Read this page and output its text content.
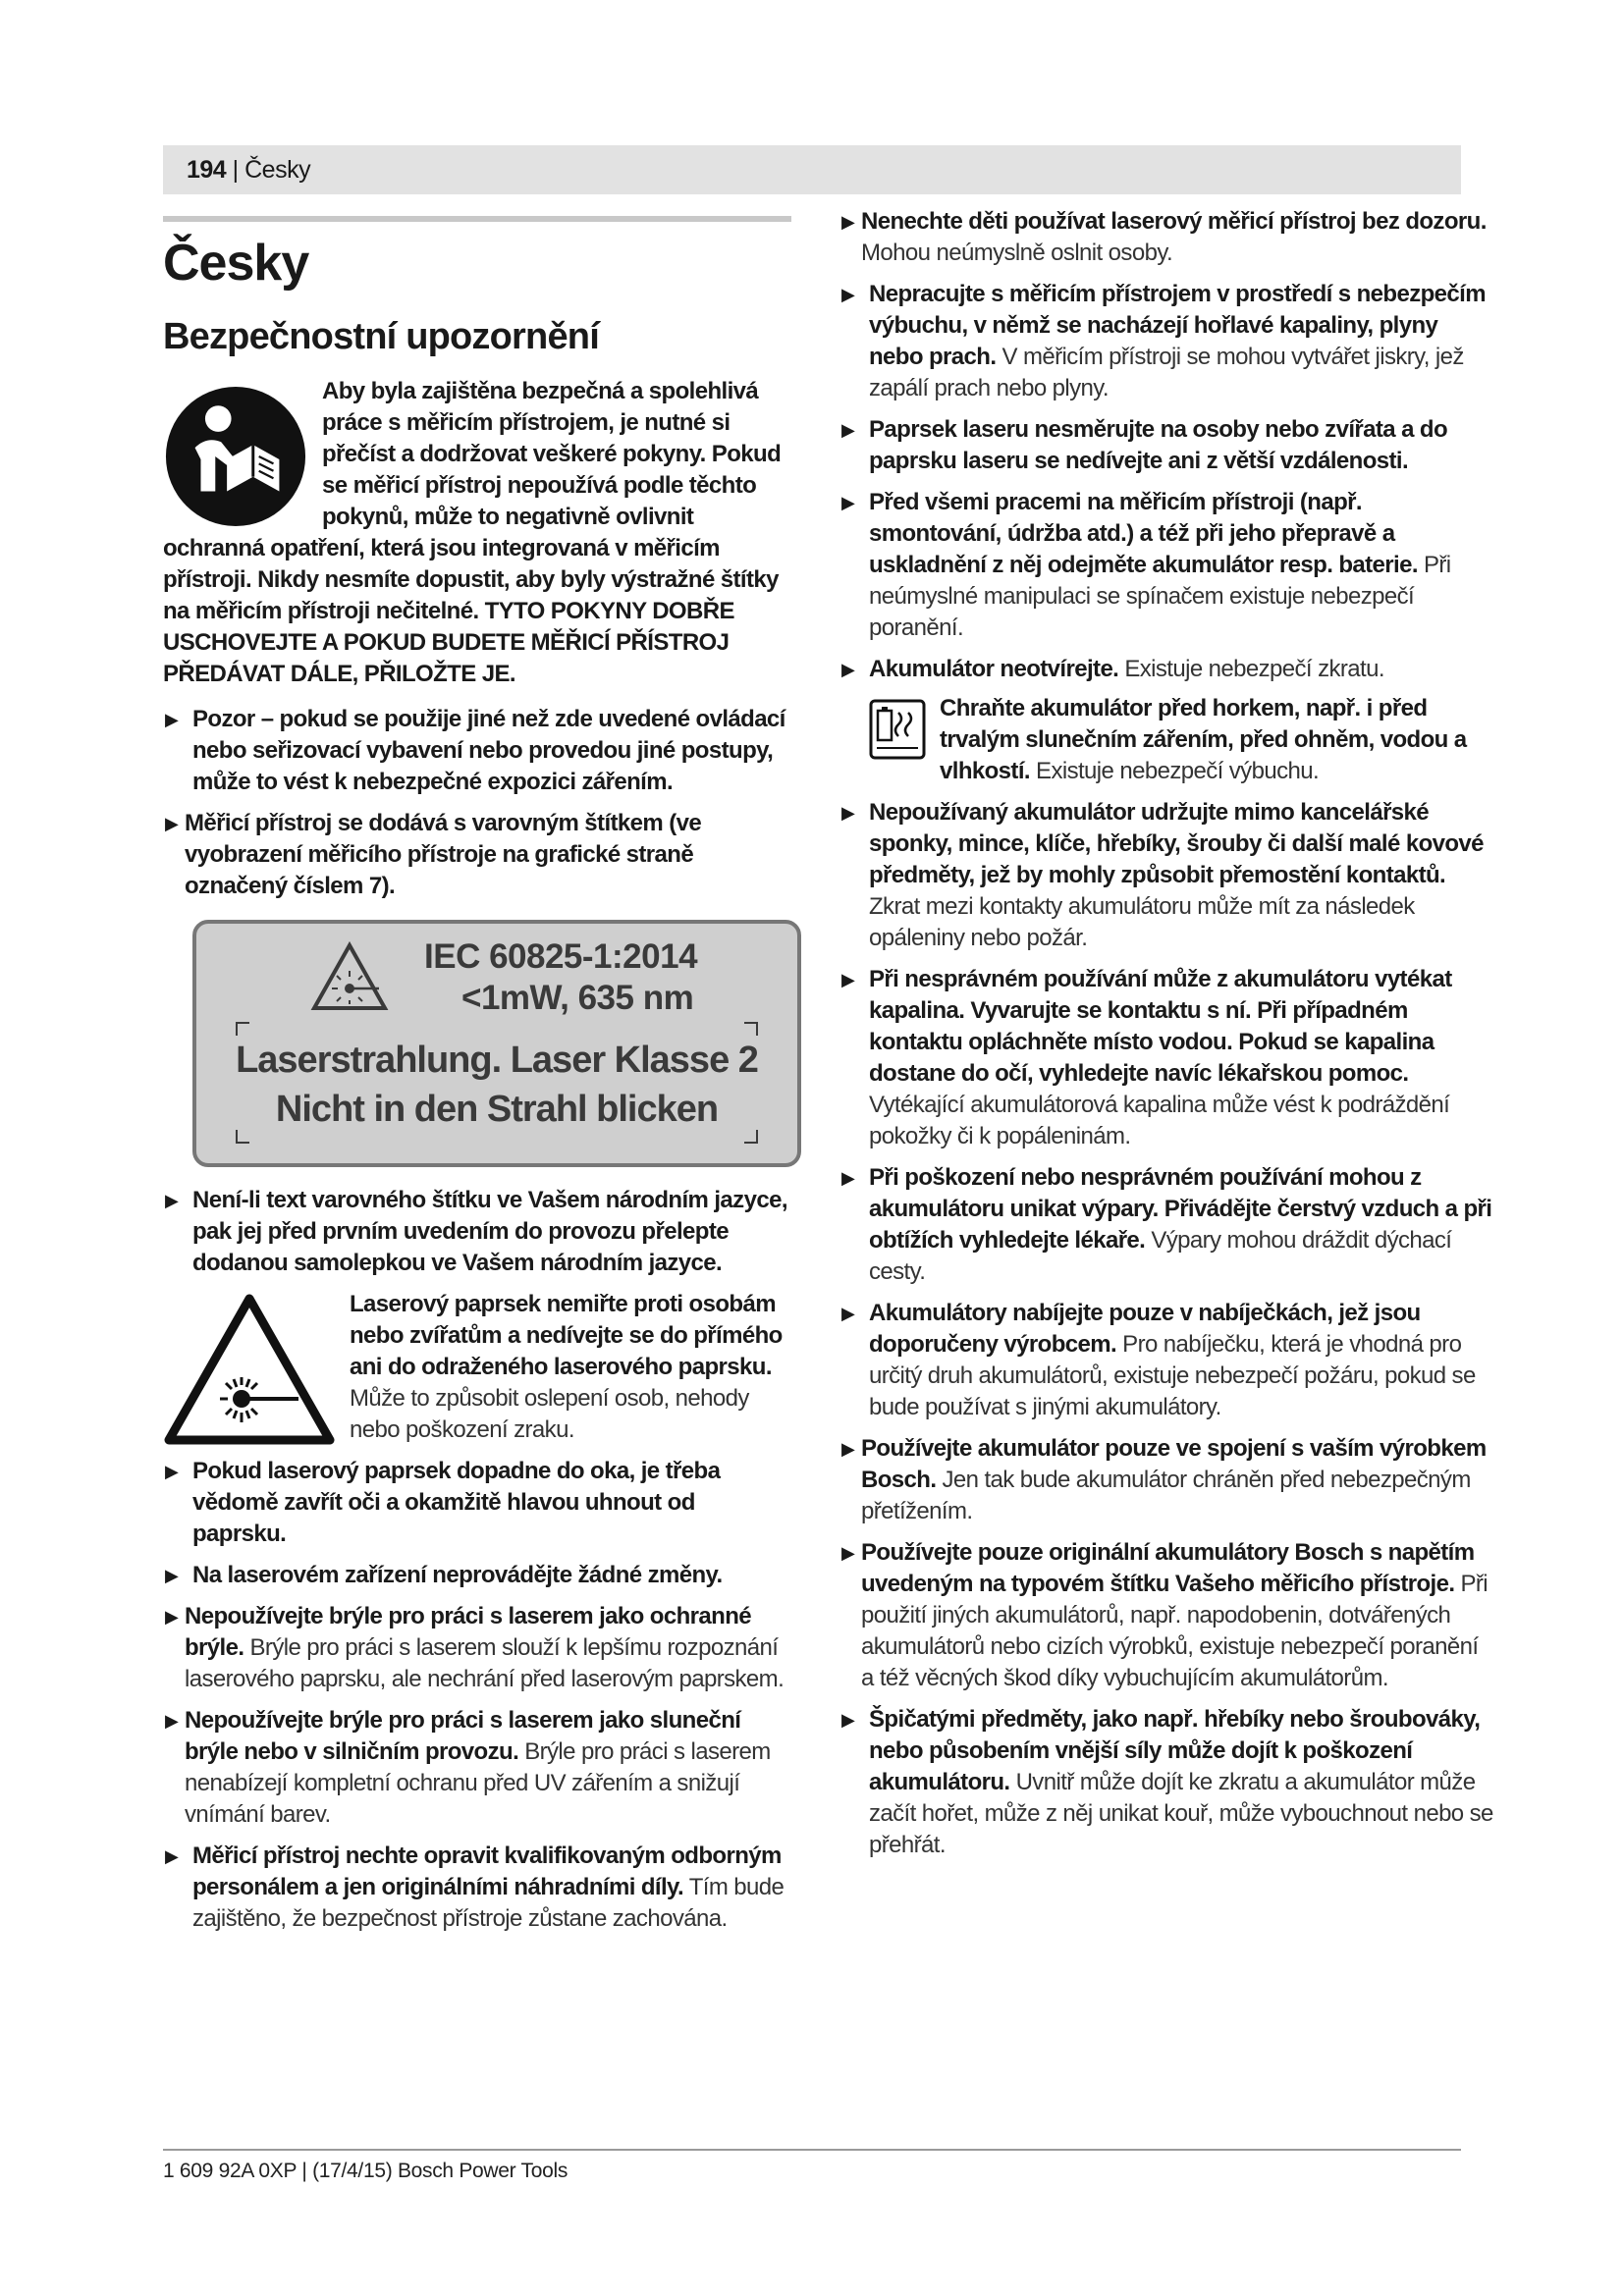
194 | Česky
Česky
Bezpečnostní upozornění

Aby byla zajištěna bezpečná a spolehlivá práce s měřicím přístrojem, je nutné si přečíst a dodržovat veškeré pokyny. Pokud se měřicí přístroj nepoužívá podle těchto pokynů, může to negativně ovlivnit ochranná opatření, která jsou integrovaná v měřicím přístroji. Nikdy nesmíte dopustit, aby byly výstražné štítky na měřicím přístroji nečitelné. TYTO POKYNY DOBŘE USCHOVEJTE A POKUD BUDETE MĚŘICÍ PŘÍSTROJ PŘEDÁVAT DÁLE, PŘILOŽTE JE.

▶ Pozor – pokud se použije jiné než zde uvedené ovládací nebo seřizovací vybavení nebo provedou jiné postupy, může to vést k nebezpečné expozici zářením.
▶ Měřicí přístroj se dodává s varovným štítkem (ve vyobrazení měřicího přístroje na grafické straně označený číslem 7).
IEC 60825-1:2014
<1mW, 635 nm
Laserstrahlung. Laser Klasse 2
Nicht in den Strahl blicken
▶ Není-li text varovného štítku ve Vašem národním jazyce, pak jej před prvním uvedením do provozu přelepte dodanou samolepkou ve Vašem národním jazyce.

Laserový paprsek nemiřte proti osobám nebo zvířatům a nedívejte se do přímého ani do odraženého laserového paprsku. Může to způsobit oslepení osob, nehody nebo poškození zraku.

▶ Pokud laserový paprsek dopadne do oka, je třeba vědomě zavřít oči a okamžitě hlavou uhnout od paprsku.
▶ Na laserovém zařízení neprovádějte žádné změny.
▶ Nepoužívejte brýle pro práci s laserem jako ochranné brýle. Brýle pro práci s laserem slouží k lepšímu rozpoznání laserového paprsku, ale nechrání před laserovým paprskem.
▶ Nepoužívejte brýle pro práci s laserem jako sluneční brýle nebo v silničním provozu. Brýle pro práci s laserem nenabízejí kompletní ochranu před UV zářením a snižují vnímání barev.
▶ Měřicí přístroj nechte opravit kvalifikovaným odborným personálem a jen originálními náhradními díly. Tím bude zajištěno, že bezpečnost přístroje zůstane zachována.
▶ Nenechte děti používat laserový měřicí přístroj bez dozoru. Mohou neúmyslně oslnit osoby.
▶ Nepracujte s měřicím přístrojem v prostředí s nebezpečím výbuchu, v němž se nacházejí hořlavé kapaliny, plyny nebo prach. V měřicím přístroji se mohou vytvářet jiskry, jež zapálí prach nebo plyny.
▶ Paprsek laseru nesměrujte na osoby nebo zvířata a do paprsku laseru se nedívejte ani z větší vzdálenosti.
▶ Před všemi pracemi na měřicím přístroji (např. smontování, údržba atd.) a též při jeho přepravě a uskladnění z něj odejměte akumulátor resp. baterie. Při neúmyslné manipulaci se spínačem existuje nebezpečí poranění.
▶ Akumulátor neotvírejte. Existuje nebezpečí zkratu.

Chraňte akumulátor před horkem, např. i před trvalým slunečním zářením, před ohněm, vodou a vlhkostí. Existuje nebezpečí výbuchu.

▶ Nepoužívaný akumulátor udržujte mimo kancelářské sponky, mince, klíče, hřebíky, šrouby či další malé kovové předměty, jež by mohly způsobit přemostění kontaktů. Zkrat mezi kontakty akumulátoru může mít za následek opáleniny nebo požár.
▶ Při nesprávném používání může z akumulátoru vytékat kapalina. Vyvarujte se kontaktu s ní. Při případném kontaktu opláchněte místo vodou. Pokud se kapalina dostane do očí, vyhledejte navíc lékařskou pomoc. Vytékající akumulátorová kapalina může vést k podráždění pokožky či k popáleninám.
▶ Při poškození nebo nesprávném používání mohou z akumulátoru unikat výpary. Přivádějte čerstvý vzduch a při obtížích vyhledejte lékaře. Výpary mohou dráždit dýchací cesty.
▶ Akumulátory nabíjejte pouze v nabíječkách, jež jsou doporučeny výrobcem. Pro nabíječku, která je vhodná pro určitý druh akumulátorů, existuje nebezpečí požáru, pokud se bude používat s jinými akumulátory.
▶ Používejte akumulátor pouze ve spojení s vaším výrobkem Bosch. Jen tak bude akumulátor chráněn před nebezpečným přetížením.
▶ Používejte pouze originální akumulátory Bosch s napětím uvedeným na typovém štítku Vašeho měřicího přístroje. Při použití jiných akumulátorů, např. napodobenin, dotvářených akumulátorů nebo cizích výrobků, existuje nebezpečí poranění a též věcných škod díky vybuchujícím akumulátorům.
▶ Špičatými předměty, jako např. hřebíky nebo šroubováky, nebo působením vnější síly může dojít k poškození akumulátoru. Uvnitř může dojít ke zkratu a akumulátor může začít hořet, může z něj unikat kouř, může vybouchnout nebo se přehřát.
1 609 92A 0XP | (17/4/15) Bosch Power Tools
